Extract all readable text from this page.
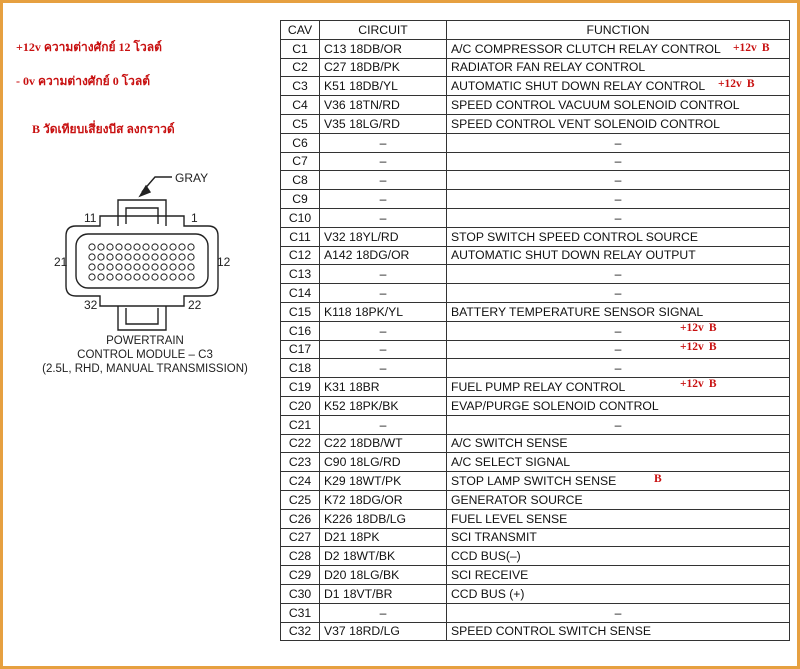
+12v ความต่างศักย์ 12 โวลต์
- 0v ความต่างศักย์ 0 โวลต์
B วัดเทียบเสี่ยงบีส ลงกราวด์
GRAY
11	1
21	12
32	22
POWERTRAIN
CONTROL MODULE – C3
(2.5L, RHD, MANUAL TRANSMISSION)
CAV	CIRCUIT	FUNCTION
C1	C13 18DB/OR	A/C COMPRESSOR CLUTCH RELAY CONTROL
C2	C27 18DB/PK	RADIATOR FAN RELAY CONTROL
C3	K51 18DB/YL	AUTOMATIC SHUT DOWN RELAY CONTROL
C4	V36 18TN/RD	SPEED CONTROL VACUUM SOLENOID CONTROL
C5	V35 18LG/RD	SPEED CONTROL VENT SOLENOID CONTROL
C6	–	–
C7	–	–
C8	–	–
C9	–	–
C10	–	–
C11	V32 18YL/RD	STOP SWITCH SPEED CONTROL SOURCE
C12	A142 18DG/OR	AUTOMATIC SHUT DOWN RELAY OUTPUT
C13	–	–
C14	–	–
C15	K118 18PK/YL	BATTERY TEMPERATURE SENSOR SIGNAL
C16	–	–
C17	–	–
C18	–	–
C19	K31 18BR	FUEL PUMP RELAY CONTROL
C20	K52 18PK/BK	EVAP/PURGE SOLENOID CONTROL
C21	–	–
C22	C22 18DB/WT	A/C SWITCH SENSE
C23	C90 18LG/RD	A/C SELECT SIGNAL
C24	K29 18WT/PK	STOP LAMP SWITCH SENSE
C25	K72 18DG/OR	GENERATOR SOURCE
C26	K226 18DB/LG	FUEL LEVEL SENSE
C27	D21 18PK	SCI TRANSMIT
C28	D2 18WT/BK	CCD BUS(–)
C29	D20 18LG/BK	SCI RECEIVE
C30	D1 18VT/BR	CCD BUS (+)
C31	–	–
C32	V37 18RD/LG	SPEED CONTROL SWITCH SENSE
+12v B
+12v B
+12v B
+12v B
+12v B
B
